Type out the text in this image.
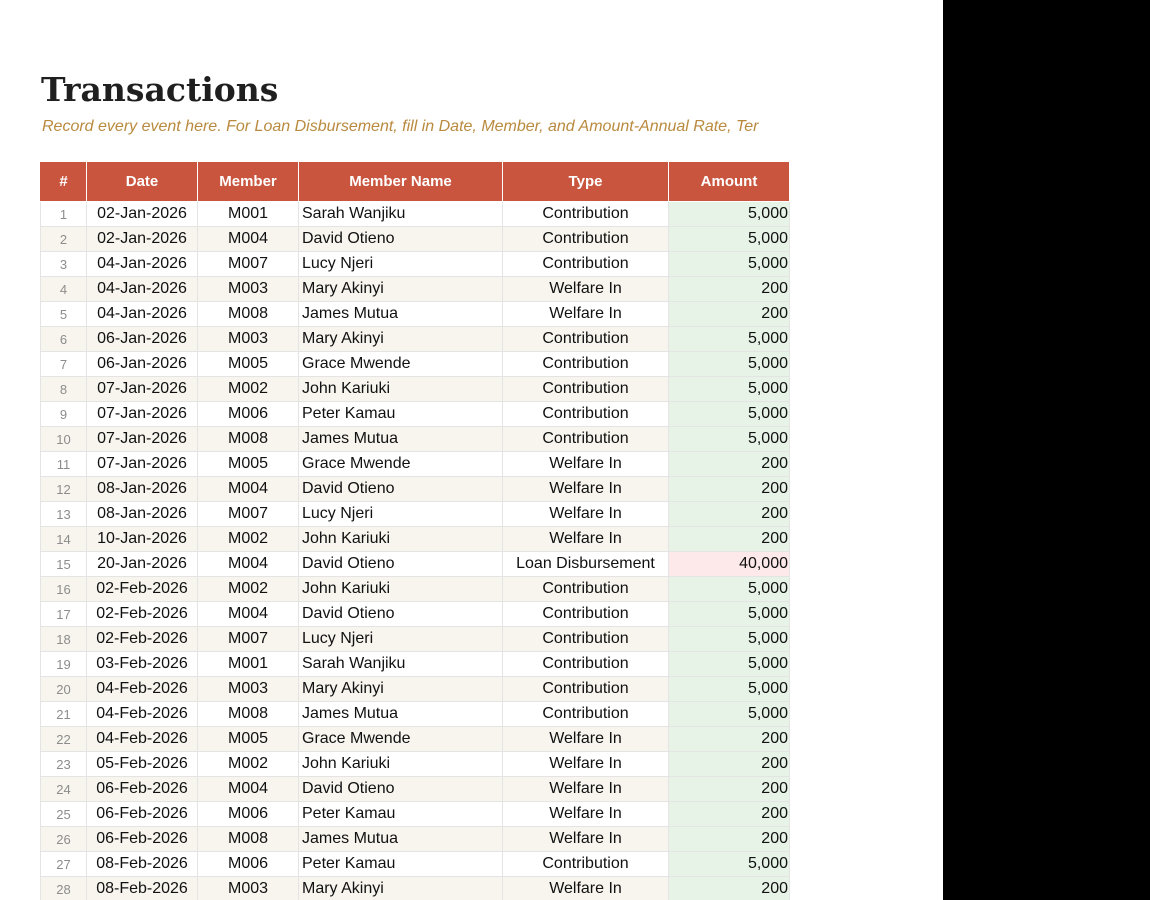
Transactions
Record every event here. For Loan Disbursement, fill in Date, Member, and Amount-Annual Rate, Ter
#	Date	Member	Member Name	Type	Amount
1	02-Jan-2026	M001	Sarah Wanjiku	Contribution	5,000
2	02-Jan-2026	M004	David Otieno	Contribution	5,000
3	04-Jan-2026	M007	Lucy Njeri	Contribution	5,000
4	04-Jan-2026	M003	Mary Akinyi	Welfare In	200
5	04-Jan-2026	M008	James Mutua	Welfare In	200
6	06-Jan-2026	M003	Mary Akinyi	Contribution	5,000
7	06-Jan-2026	M005	Grace Mwende	Contribution	5,000
8	07-Jan-2026	M002	John Kariuki	Contribution	5,000
9	07-Jan-2026	M006	Peter Kamau	Contribution	5,000
10	07-Jan-2026	M008	James Mutua	Contribution	5,000
11	07-Jan-2026	M005	Grace Mwende	Welfare In	200
12	08-Jan-2026	M004	David Otieno	Welfare In	200
13	08-Jan-2026	M007	Lucy Njeri	Welfare In	200
14	10-Jan-2026	M002	John Kariuki	Welfare In	200
15	20-Jan-2026	M004	David Otieno	Loan Disbursement	40,000
16	02-Feb-2026	M002	John Kariuki	Contribution	5,000
17	02-Feb-2026	M004	David Otieno	Contribution	5,000
18	02-Feb-2026	M007	Lucy Njeri	Contribution	5,000
19	03-Feb-2026	M001	Sarah Wanjiku	Contribution	5,000
20	04-Feb-2026	M003	Mary Akinyi	Contribution	5,000
21	04-Feb-2026	M008	James Mutua	Contribution	5,000
22	04-Feb-2026	M005	Grace Mwende	Welfare In	200
23	05-Feb-2026	M002	John Kariuki	Welfare In	200
24	06-Feb-2026	M004	David Otieno	Welfare In	200
25	06-Feb-2026	M006	Peter Kamau	Welfare In	200
26	06-Feb-2026	M008	James Mutua	Welfare In	200
27	08-Feb-2026	M006	Peter Kamau	Contribution	5,000
28	08-Feb-2026	M003	Mary Akinyi	Welfare In	200
